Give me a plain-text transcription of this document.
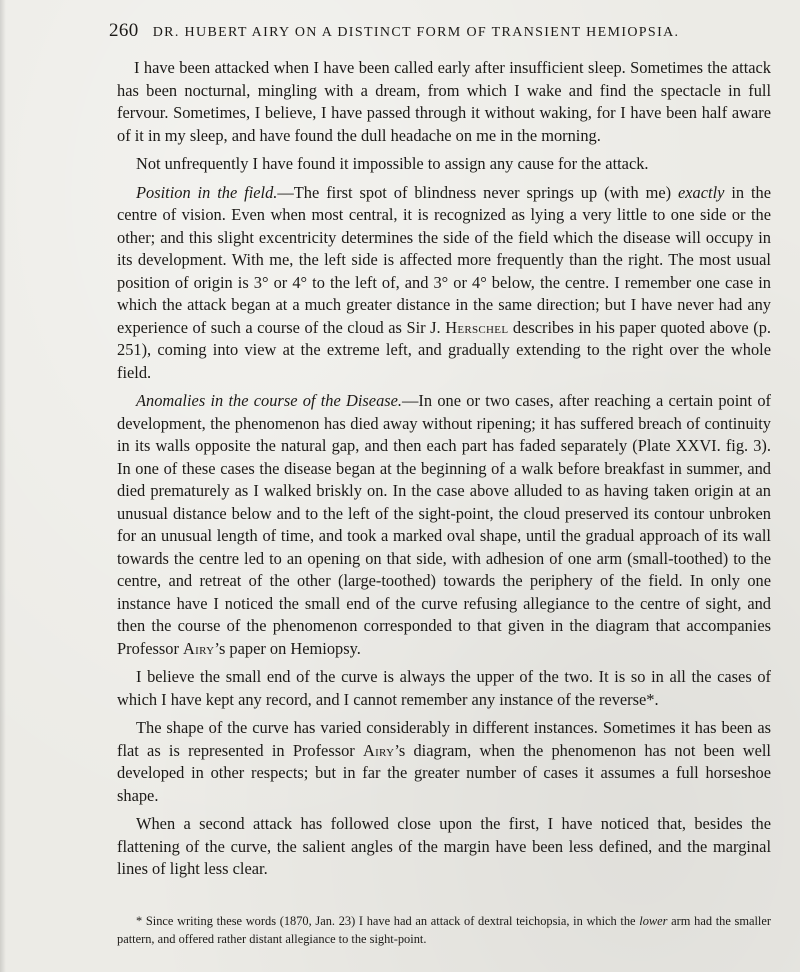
260 DR. HUBERT AIRY ON A DISTINCT FORM OF TRANSIENT HEMIOPSIA.

I have been attacked when I have been called early after insufficient sleep. Sometimes the attack has been nocturnal, mingling with a dream, from which I wake and find the spectacle in full fervour. Sometimes, I believe, I have passed through it without waking, for I have been half aware of it in my sleep, and have found the dull headache on me in the morning.

Not unfrequently I have found it impossible to assign any cause for the attack.

Position in the field.—The first spot of blindness never springs up (with me) exactly in the centre of vision. Even when most central, it is recognized as lying a very little to one side or the other; and this slight excentricity determines the side of the field which the disease will occupy in its development. With me, the left side is affected more frequently than the right. The most usual position of origin is 3° or 4° to the left of, and 3° or 4° below, the centre. I remember one case in which the attack began at a much greater distance in the same direction; but I have never had any experience of such a course of the cloud as Sir J. Herschel describes in his paper quoted above (p. 251), coming into view at the extreme left, and gradually extending to the right over the whole field.

Anomalies in the course of the Disease.—In one or two cases, after reaching a certain point of development, the phenomenon has died away without ripening; it has suffered breach of continuity in its walls opposite the natural gap, and then each part has faded separately (Plate XXVI. fig. 3). In one of these cases the disease began at the beginning of a walk before breakfast in summer, and died prematurely as I walked briskly on. In the case above alluded to as having taken origin at an unusual distance below and to the left of the sight-point, the cloud preserved its contour unbroken for an unusual length of time, and took a marked oval shape, until the gradual approach of its wall towards the centre led to an opening on that side, with adhesion of one arm (small-toothed) to the centre, and retreat of the other (large-toothed) towards the periphery of the field. In only one instance have I noticed the small end of the curve refusing allegiance to the centre of sight, and then the course of the phenomenon corresponded to that given in the diagram that accompanies Professor Airy’s paper on Hemiopsy.

I believe the small end of the curve is always the upper of the two. It is so in all the cases of which I have kept any record, and I cannot remember any instance of the reverse*.

The shape of the curve has varied considerably in different instances. Sometimes it has been as flat as is represented in Professor Airy’s diagram, when the phenomenon has not been well developed in other respects; but in far the greater number of cases it assumes a full horseshoe shape.

When a second attack has followed close upon the first, I have noticed that, besides the flattening of the curve, the salient angles of the margin have been less defined, and the marginal lines of light less clear.

* Since writing these words (1870, Jan. 23) I have had an attack of dextral teichopsia, in which the lower arm had the smaller pattern, and offered rather distant allegiance to the sight-point.
